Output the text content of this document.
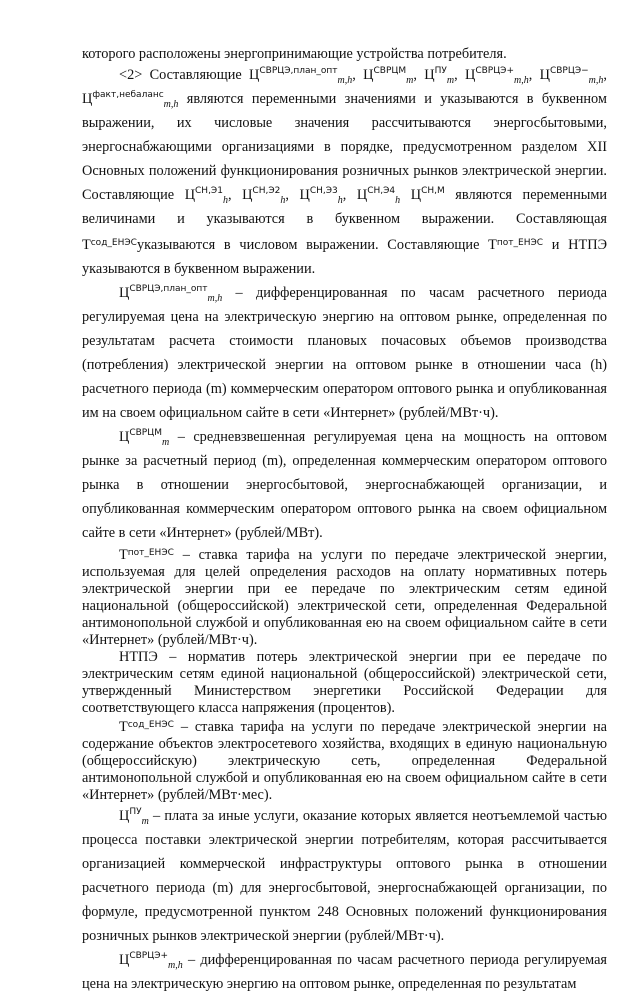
которого расположены энергопринимающие устройства потребителя.

<2> Составляющие $Ц^{СВРЦЭ,план\_опт}_{m,h}$, $Ц^{СВРЦМ}_m$, $Ц^{ПУ}_m$, $Ц^{СВРЦЭ+}_{m,h}$, $Ц^{СВРЦЭ-}_{m,h}$, $Ц^{факт,небаланс}_{m,h}$ являются переменными значениями и указываются в буквенном выражении, их числовые значения рассчитываются энергосбытовыми, энергоснабжающими организациями в порядке, предусмотренном разделом XII Основных положений функционирования розничных рынков электрической энергии. Составляющие $Ц^{СН,Э1}_h$, $Ц^{СН,Э2}_h$, $Ц^{СН,Э3}_h$, $Ц^{СН,Э4}_h$ $Ц^{СН,М}$ являются переменными величинами и указываются в буквенном выражении. Составляющая $Т^{сод\_ЕНЭС}указываются$ в числовом выражении. Составляющие $Т^{пот\_ЕНЭС}$ и НТПЭ указываются в буквенном выражении.

$Ц^{СВРЦЭ,план\_опт}_{m,h}$ – дифференцированная по часам расчетного периода регулируемая цена на электрическую энергию на оптовом рынке, определенная по результатам расчета стоимости плановых почасовых объемов производства (потребления) электрической энергии на оптовом рынке в отношении часа (h) расчетного периода (m) коммерческим оператором оптового рынка и опубликованная им на своем официальном сайте в сети «Интернет» (рублей/МВт·ч).

$Ц^{СВРЦМ}_m$ – средневзвешенная регулируемая цена на мощность на оптовом рынке за расчетный период (m), определенная коммерческим оператором оптового рынка в отношении энергосбытовой, энергоснабжающей организации, и опубликованная коммерческим оператором оптового рынка на своем официальном сайте в сети «Интернет» (рублей/МВт).

$Т^{пот\_ЕНЭС}$ – ставка тарифа на услуги по передаче электрической энергии, используемая для целей определения расходов на оплату нормативных потерь электрической энергии при ее передаче по электрическим сетям единой национальной (общероссийской) электрической сети, определенная Федеральной антимонопольной службой и опубликованная ею на своем официальном сайте в сети «Интернет» (рублей/МВт·ч).

НТПЭ – норматив потерь электрической энергии при ее передаче по электрическим сетям единой национальной (общероссийской) электрической сети, утвержденный Министерством энергетики Российской Федерации для соответствующего класса напряжения (процентов).

$Т^{сод\_ЕНЭС}$ – ставка тарифа на услуги по передаче электрической энергии на содержание объектов электросетевого хозяйства, входящих в единую национальную (общероссийскую) электрическую сеть, определенная Федеральной антимонопольной службой и опубликованная ею на своем официальном сайте в сети «Интернет» (рублей/МВт·мес).

$Ц^{ПУ}_m$ – плата за иные услуги, оказание которых является неотъемлемой частью процесса поставки электрической энергии потребителям, которая рассчитывается организацией коммерческой инфраструктуры оптового рынка в отношении расчетного периода (m) для энергосбытовой, энергоснабжающей организации, по формуле, предусмотренной пунктом 248 Основных положений функционирования розничных рынков электрической энергии (рублей/МВт·ч).

$Ц^{СВРЦЭ+}_{m,h}$ – дифференцированная по часам расчетного периода регулируемая цена на электрическую энергию на оптовом рынке, определенная по результатам
